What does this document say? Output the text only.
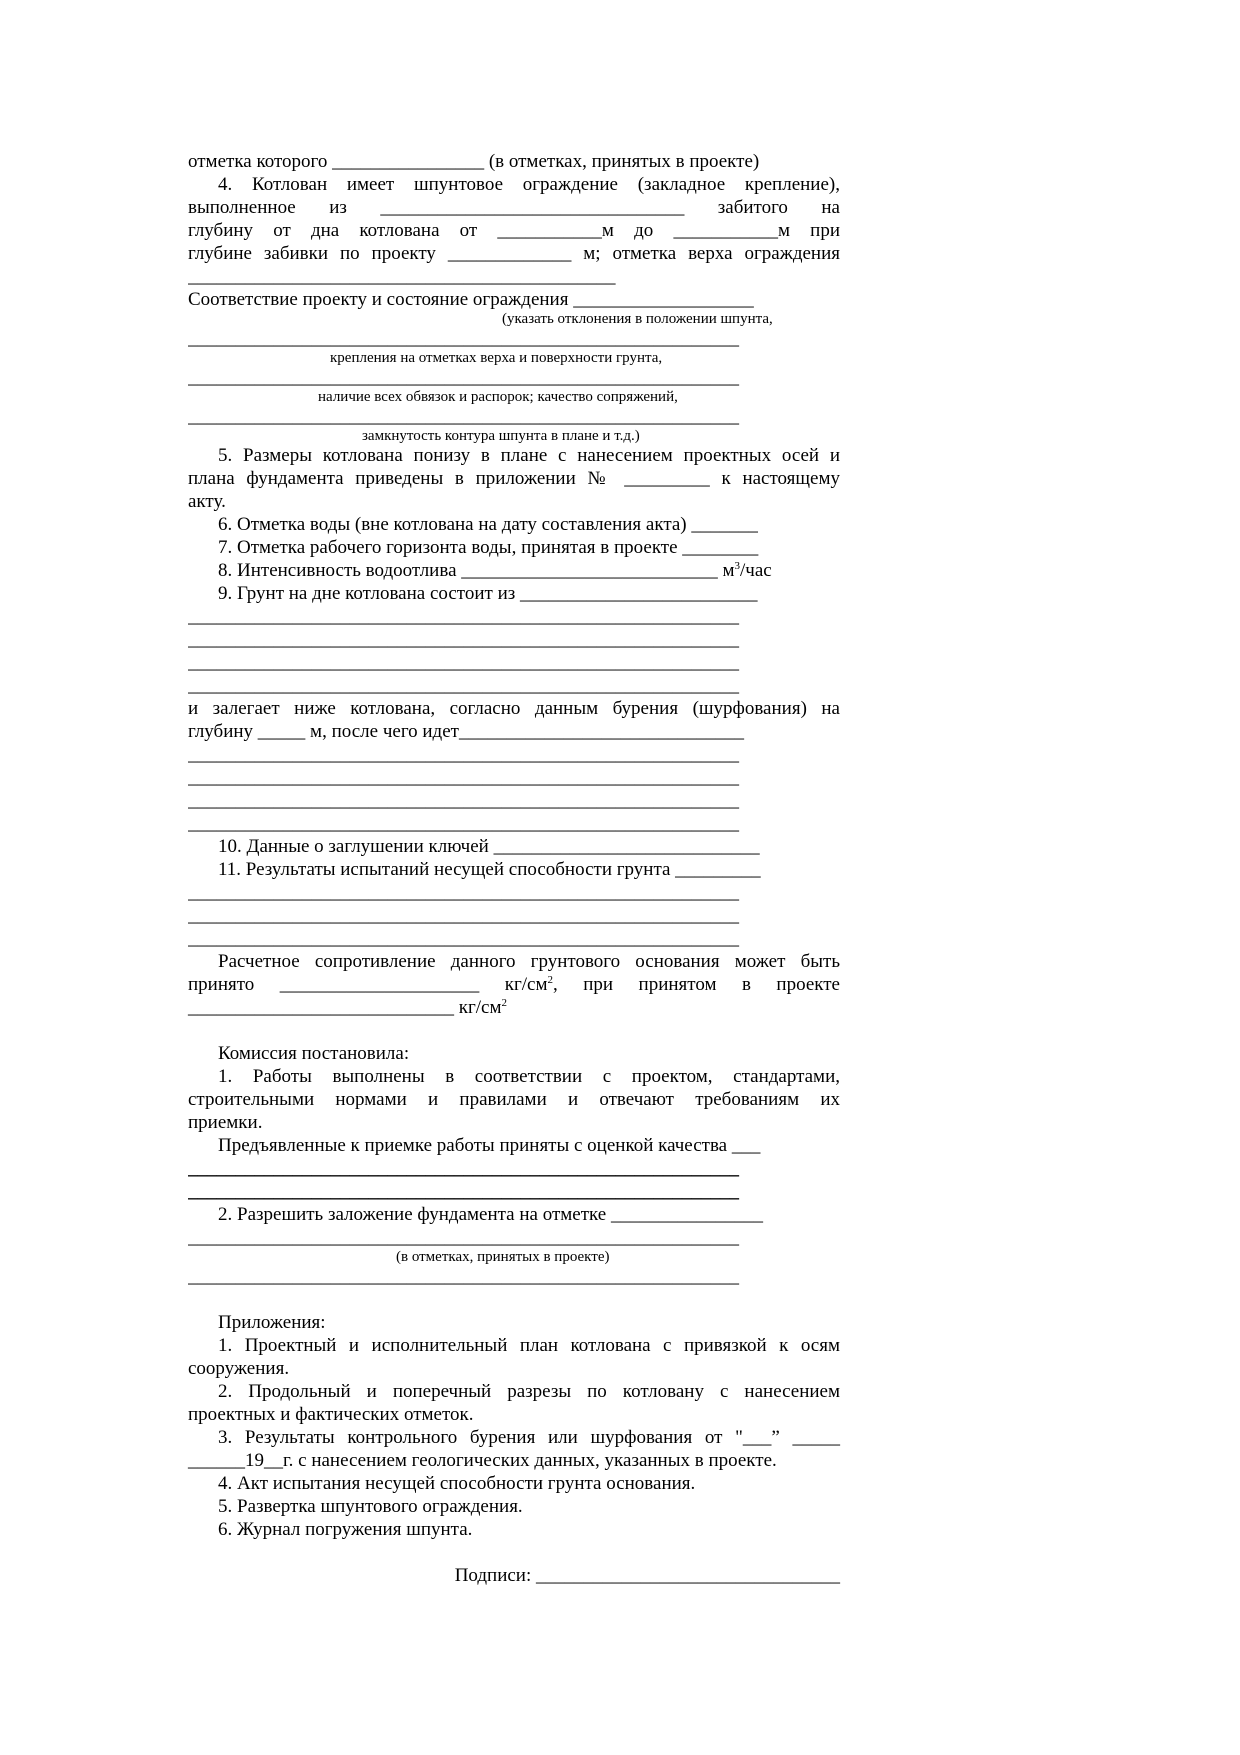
отметка которого ________________ (в отметках, принятых в проекте)

4. Котлован имеет шпунтовое ограждение (закладное крепление),

выполненное из ________________________________ забитого на

глубину от дна котлована от ___________м до ___________м при

глубине забивки по проекту _____________ м; отметка верха ограждения

_____________________________________________

Соответствие проекту и состояние ограждения ___________________

(указать отклонения в положении шпунта,
__________________________________________________________
крепления на отметках верха и поверхности грунта,
__________________________________________________________
наличие всех обвязок и распорок; качество сопряжений,
__________________________________________________________
замкнутость контура шпунта в плане и т.д.)

5. Размеры котлована понизу в плане с нанесением проектных осей и

плана фундамента приведены в приложении № _________ к настоящему

акту.

6. Отметка воды (вне котлована на дату составления акта) _______

7. Отметка рабочего горизонта воды, принятая в проекте ________

8. Интенсивность водоотлива ___________________________ $м^3$/час

9. Грунт на дне котлована состоит из _________________________

__________________________________________________________
__________________________________________________________
__________________________________________________________
__________________________________________________________

и залегает ниже котлована, согласно данным бурения (шурфования) на

глубину _____ м, после чего идет______________________________

__________________________________________________________
__________________________________________________________
__________________________________________________________
__________________________________________________________

10. Данные о заглушении ключей ____________________________

11. Результаты испытаний несущей способности грунта _________

__________________________________________________________
__________________________________________________________
__________________________________________________________

Расчетное сопротивление данного грунтового основания может быть

принято _____________________ $кг/см^2$, при принятом в проекте

____________________________ $кг/см^2$

Комиссия постановила:

1. Работы выполнены в соответствии с проектом, стандартами,

строительными нормами и правилами и отвечают требованиям их

приемки.

Предъявленные к приемке работы приняты с оценкой качества ___

__________________________________________________________
__________________________________________________________

2. Разрешить заложение фундамента на отметке ________________

__________________________________________________________
(в отметках, принятых в проекте)
__________________________________________________________

Приложения:

1. Проектный и исполнительный план котлована с привязкой к осям

сооружения.

2. Продольный и поперечный разрезы по котловану с нанесением

проектных и фактических отметок.

3. Результаты контрольного бурения или шурфования от "___” _____

______19__г. с нанесением геологических данных, указанных в проекте.

4. Акт испытания несущей способности грунта основания.

5. Развертка шпунтового ограждения.

6. Журнал погружения шпунта.

Подписи: ________________________________
